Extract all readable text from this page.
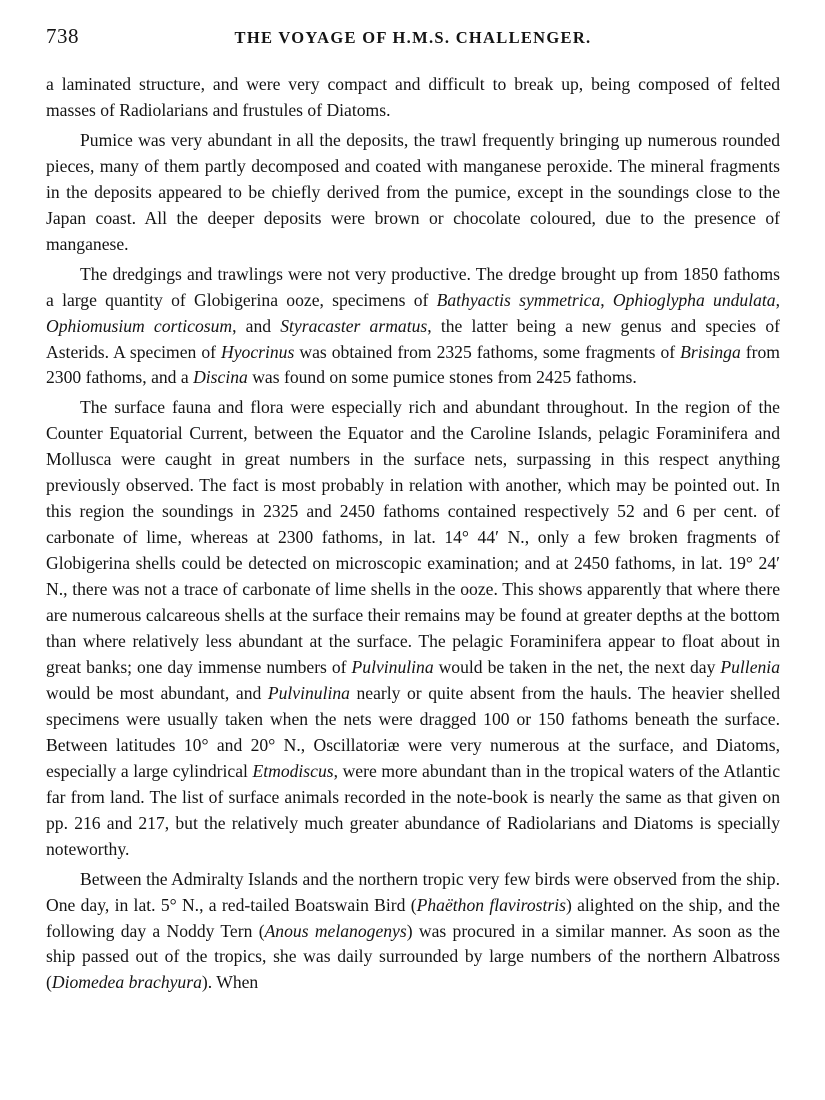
738	THE VOYAGE OF H.M.S. CHALLENGER.

a laminated structure, and were very compact and difficult to break up, being composed of felted masses of Radiolarians and frustules of Diatoms.

Pumice was very abundant in all the deposits, the trawl frequently bringing up numerous rounded pieces, many of them partly decomposed and coated with manganese peroxide. The mineral fragments in the deposits appeared to be chiefly derived from the pumice, except in the soundings close to the Japan coast. All the deeper deposits were brown or chocolate coloured, due to the presence of manganese.

The dredgings and trawlings were not very productive. The dredge brought up from 1850 fathoms a large quantity of Globigerina ooze, specimens of Bathyactis symmetrica, Ophioglypha undulata, Ophiomusium corticosum, and Styracaster armatus, the latter being a new genus and species of Asterids. A specimen of Hyocrinus was obtained from 2325 fathoms, some fragments of Brisinga from 2300 fathoms, and a Discina was found on some pumice stones from 2425 fathoms.

The surface fauna and flora were especially rich and abundant throughout. In the region of the Counter Equatorial Current, between the Equator and the Caroline Islands, pelagic Foraminifera and Mollusca were caught in great numbers in the surface nets, surpassing in this respect anything previously observed. The fact is most probably in relation with another, which may be pointed out. In this region the soundings in 2325 and 2450 fathoms contained respectively 52 and 6 per cent. of carbonate of lime, whereas at 2300 fathoms, in lat. 14° 44′ N., only a few broken fragments of Globigerina shells could be detected on microscopic examination; and at 2450 fathoms, in lat. 19° 24′ N., there was not a trace of carbonate of lime shells in the ooze. This shows apparently that where there are numerous calcareous shells at the surface their remains may be found at greater depths at the bottom than where relatively less abundant at the surface. The pelagic Foraminifera appear to float about in great banks; one day immense numbers of Pulvinulina would be taken in the net, the next day Pullenia would be most abundant, and Pulvinulina nearly or quite absent from the hauls. The heavier shelled specimens were usually taken when the nets were dragged 100 or 150 fathoms beneath the surface. Between latitudes 10° and 20° N., Oscillatoriæ were very numerous at the surface, and Diatoms, especially a large cylindrical Etmodiscus, were more abundant than in the tropical waters of the Atlantic far from land. The list of surface animals recorded in the note-book is nearly the same as that given on pp. 216 and 217, but the relatively much greater abundance of Radiolarians and Diatoms is specially noteworthy.

Between the Admiralty Islands and the northern tropic very few birds were observed from the ship. One day, in lat. 5° N., a red-tailed Boatswain Bird (Phaëthon flavirostris) alighted on the ship, and the following day a Noddy Tern (Anous melanogenys) was procured in a similar manner. As soon as the ship passed out of the tropics, she was daily surrounded by large numbers of the northern Albatross (Diomedea brachyura). When
